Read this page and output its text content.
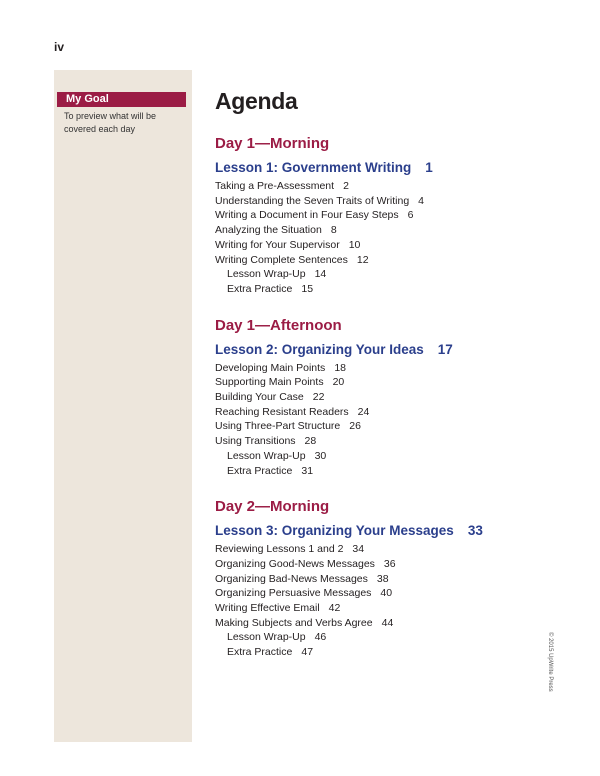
iv
My Goal
To preview what will be covered each day
Agenda
Day 1—Morning
Lesson 1: Government Writing 1
Taking a Pre-Assessment 2
Understanding the Seven Traits of Writing 4
Writing a Document in Four Easy Steps 6
Analyzing the Situation 8
Writing for Your Supervisor 10
Writing Complete Sentences 12
Lesson Wrap-Up 14
Extra Practice 15
Day 1—Afternoon
Lesson 2: Organizing Your Ideas 17
Developing Main Points 18
Supporting Main Points 20
Building Your Case 22
Reaching Resistant Readers 24
Using Three-Part Structure 26
Using Transitions 28
Lesson Wrap-Up 30
Extra Practice 31
Day 2—Morning
Lesson 3: Organizing Your Messages 33
Reviewing Lessons 1 and 2 34
Organizing Good-News Messages 36
Organizing Bad-News Messages 38
Organizing Persuasive Messages 40
Writing Effective Email 42
Making Subjects and Verbs Agree 44
Lesson Wrap-Up 46
Extra Practice 47	© 2015 UpWrite Press
